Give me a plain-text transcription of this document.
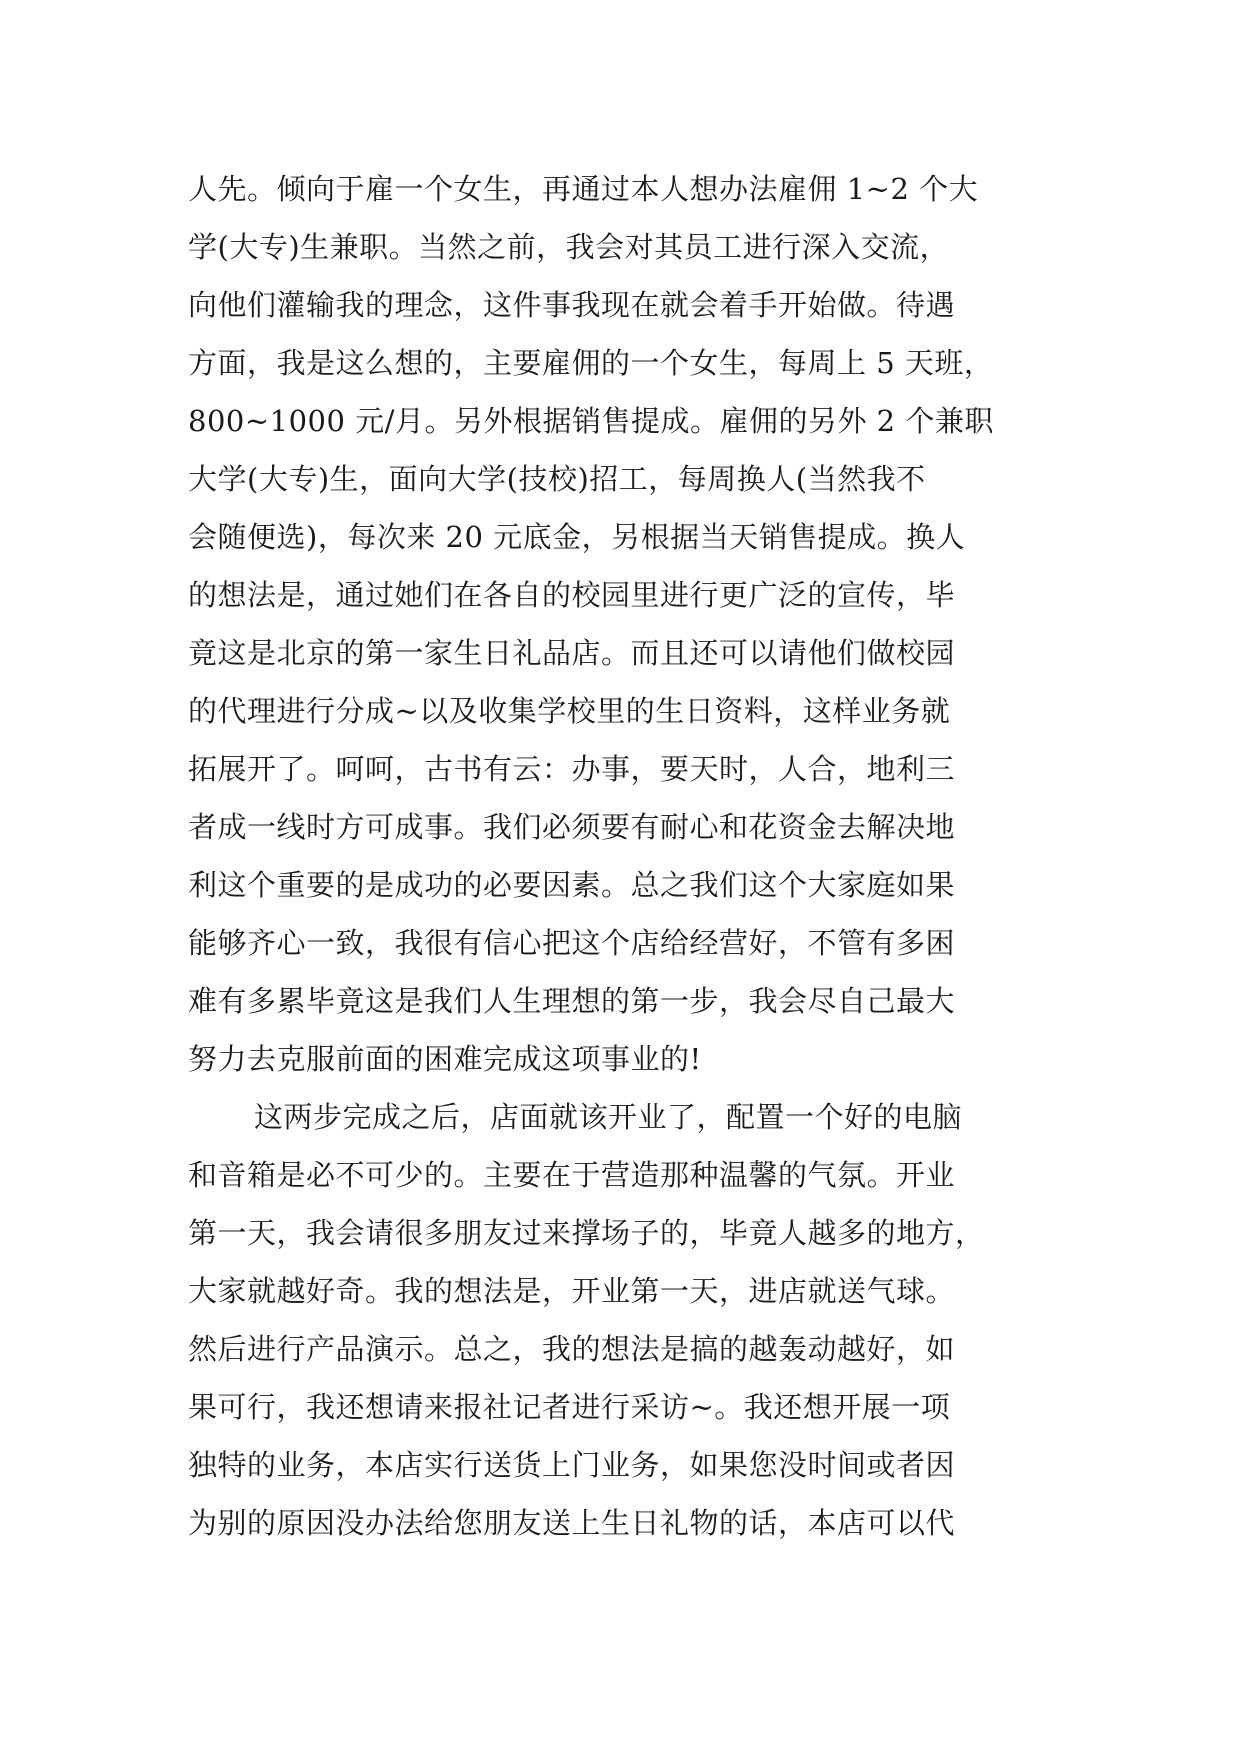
人先。倾向于雇一个女生，再通过本人想办法雇佣 1~2 个大
学(大专)生兼职。当然之前，我会对其员工进行深入交流，
向他们灌输我的理念，这件事我现在就会着手开始做。待遇
方面，我是这么想的，主要雇佣的一个女生，每周上 5 天班，
800~1000 元/月。另外根据销售提成。雇佣的另外 2 个兼职
大学(大专)生，面向大学(技校)招工，每周换人(当然我不
会随便选)，每次来 20 元底金，另根据当天销售提成。换人
的想法是，通过她们在各自的校园里进行更广泛的宣传，毕
竟这是北京的第一家生日礼品店。而且还可以请他们做校园
的代理进行分成~以及收集学校里的生日资料，这样业务就
拓展开了。呵呵，古书有云：办事，要天时，人合，地利三
者成一线时方可成事。我们必须要有耐心和花资金去解决地
利这个重要的是成功的必要因素。总之我们这个大家庭如果
能够齐心一致，我很有信心把这个店给经营好，不管有多困
难有多累毕竟这是我们人生理想的第一步，我会尽自己最大
努力去克服前面的困难完成这项事业的!
这两步完成之后，店面就该开业了，配置一个好的电脑
和音箱是必不可少的。主要在于营造那种温馨的气氛。开业
第一天，我会请很多朋友过来撑场子的，毕竟人越多的地方，
大家就越好奇。我的想法是，开业第一天，进店就送气球。
然后进行产品演示。总之，我的想法是搞的越轰动越好，如
果可行，我还想请来报社记者进行采访~。我还想开展一项
独特的业务，本店实行送货上门业务，如果您没时间或者因
为别的原因没办法给您朋友送上生日礼物的话，本店可以代
